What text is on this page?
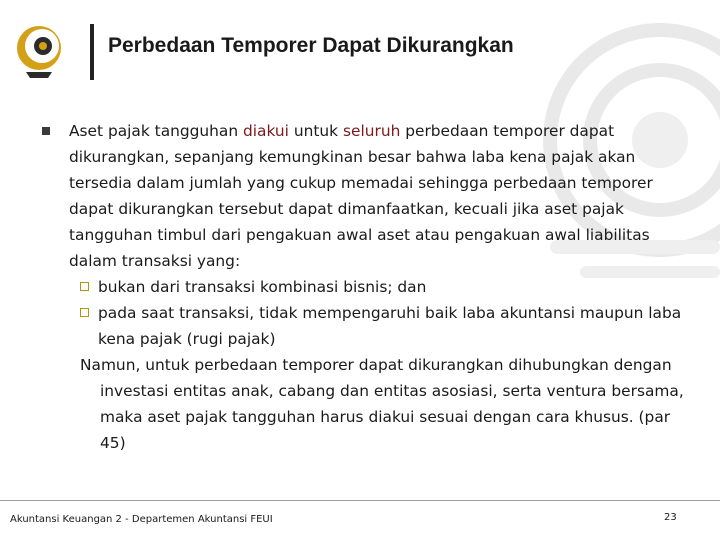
Perbedaan Temporer Dapat Dikurangkan
Aset pajak tangguhan diakui untuk seluruh perbedaan temporer dapat dikurangkan, sepanjang kemungkinan besar bahwa laba kena pajak akan tersedia dalam jumlah yang cukup memadai sehingga perbedaan temporer dapat dikurangkan tersebut dapat dimanfaatkan, kecuali jika aset pajak tangguhan timbul dari pengakuan awal aset atau pengakuan awal liabilitas dalam transaksi yang:
bukan dari transaksi kombinasi bisnis; dan
pada saat transaksi, tidak mempengaruhi baik laba akuntansi maupun laba kena pajak (rugi pajak)
Namun, untuk perbedaan temporer dapat dikurangkan dihubungkan dengan investasi entitas anak, cabang dan entitas asosiasi, serta ventura bersama, maka aset pajak tangguhan harus diakui sesuai dengan cara khusus. (par 45)
Akuntansi Keuangan 2 - Departemen Akuntansi FEUI	23
